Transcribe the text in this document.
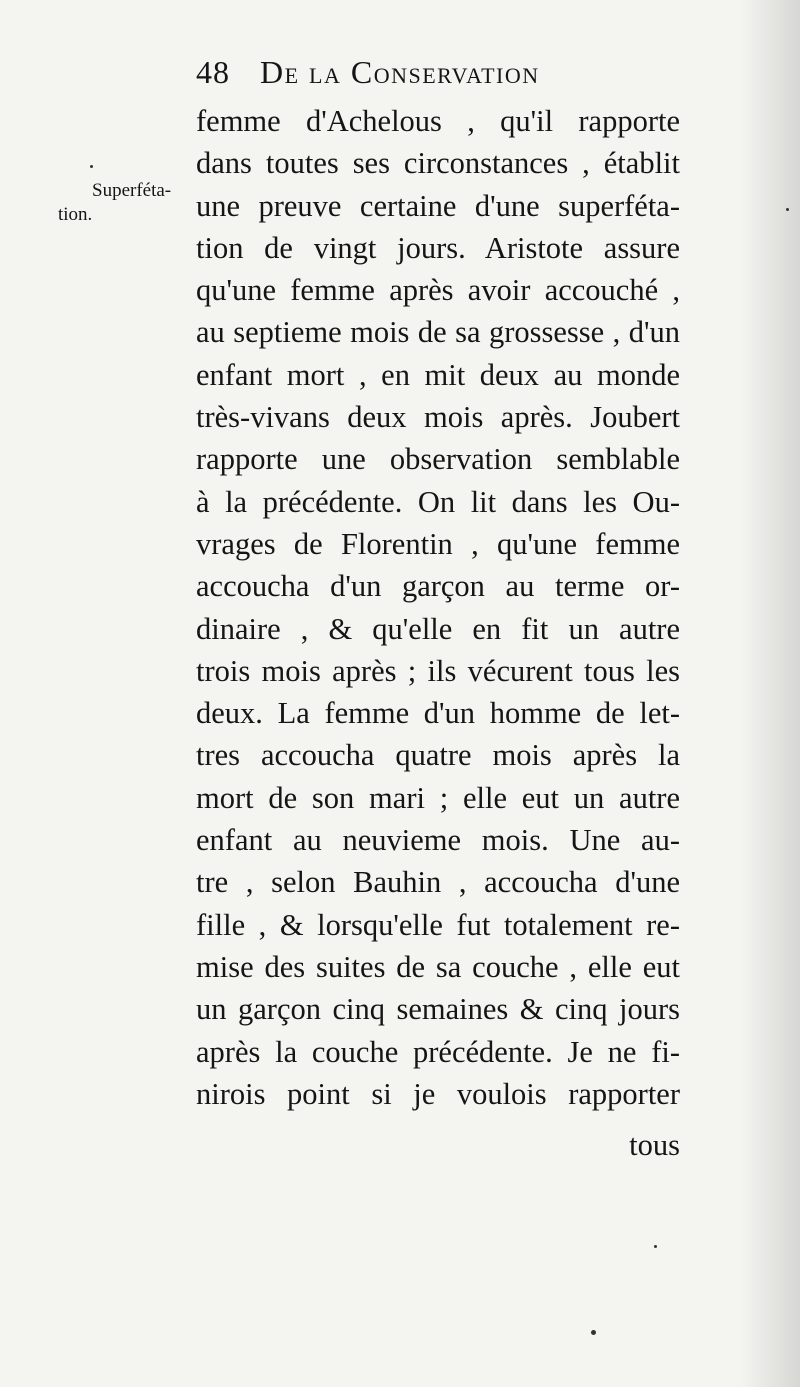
48 De la Conservation
Superféta-
tion.
femme d'Achelous , qu'il rapporte
dans toutes ses circonstances , établit
une preuve certaine d'une superféta-
tion de vingt jours. Aristote assure
qu'une femme après avoir accouché ,
au septieme mois de sa grossesse , d'un
enfant mort , en mit deux au monde
très-vivans deux mois après. Joubert
rapporte une observation semblable
à la précédente. On lit dans les Ou-
vrages de Florentin , qu'une femme
accoucha d'un garçon au terme or-
dinaire , & qu'elle en fit un autre
trois mois après ; ils vécurent tous les
deux. La femme d'un homme de let-
tres accoucha quatre mois après la
mort de son mari ; elle eut un autre
enfant au neuvieme mois. Une au-
tre , selon Bauhin , accoucha d'une
fille , & lorsqu'elle fut totalement re-
mise des suites de sa couche , elle eut
un garçon cinq semaines & cinq jours
après la couche précédente. Je ne fi-
nirois point si je voulois rapporter
tous
